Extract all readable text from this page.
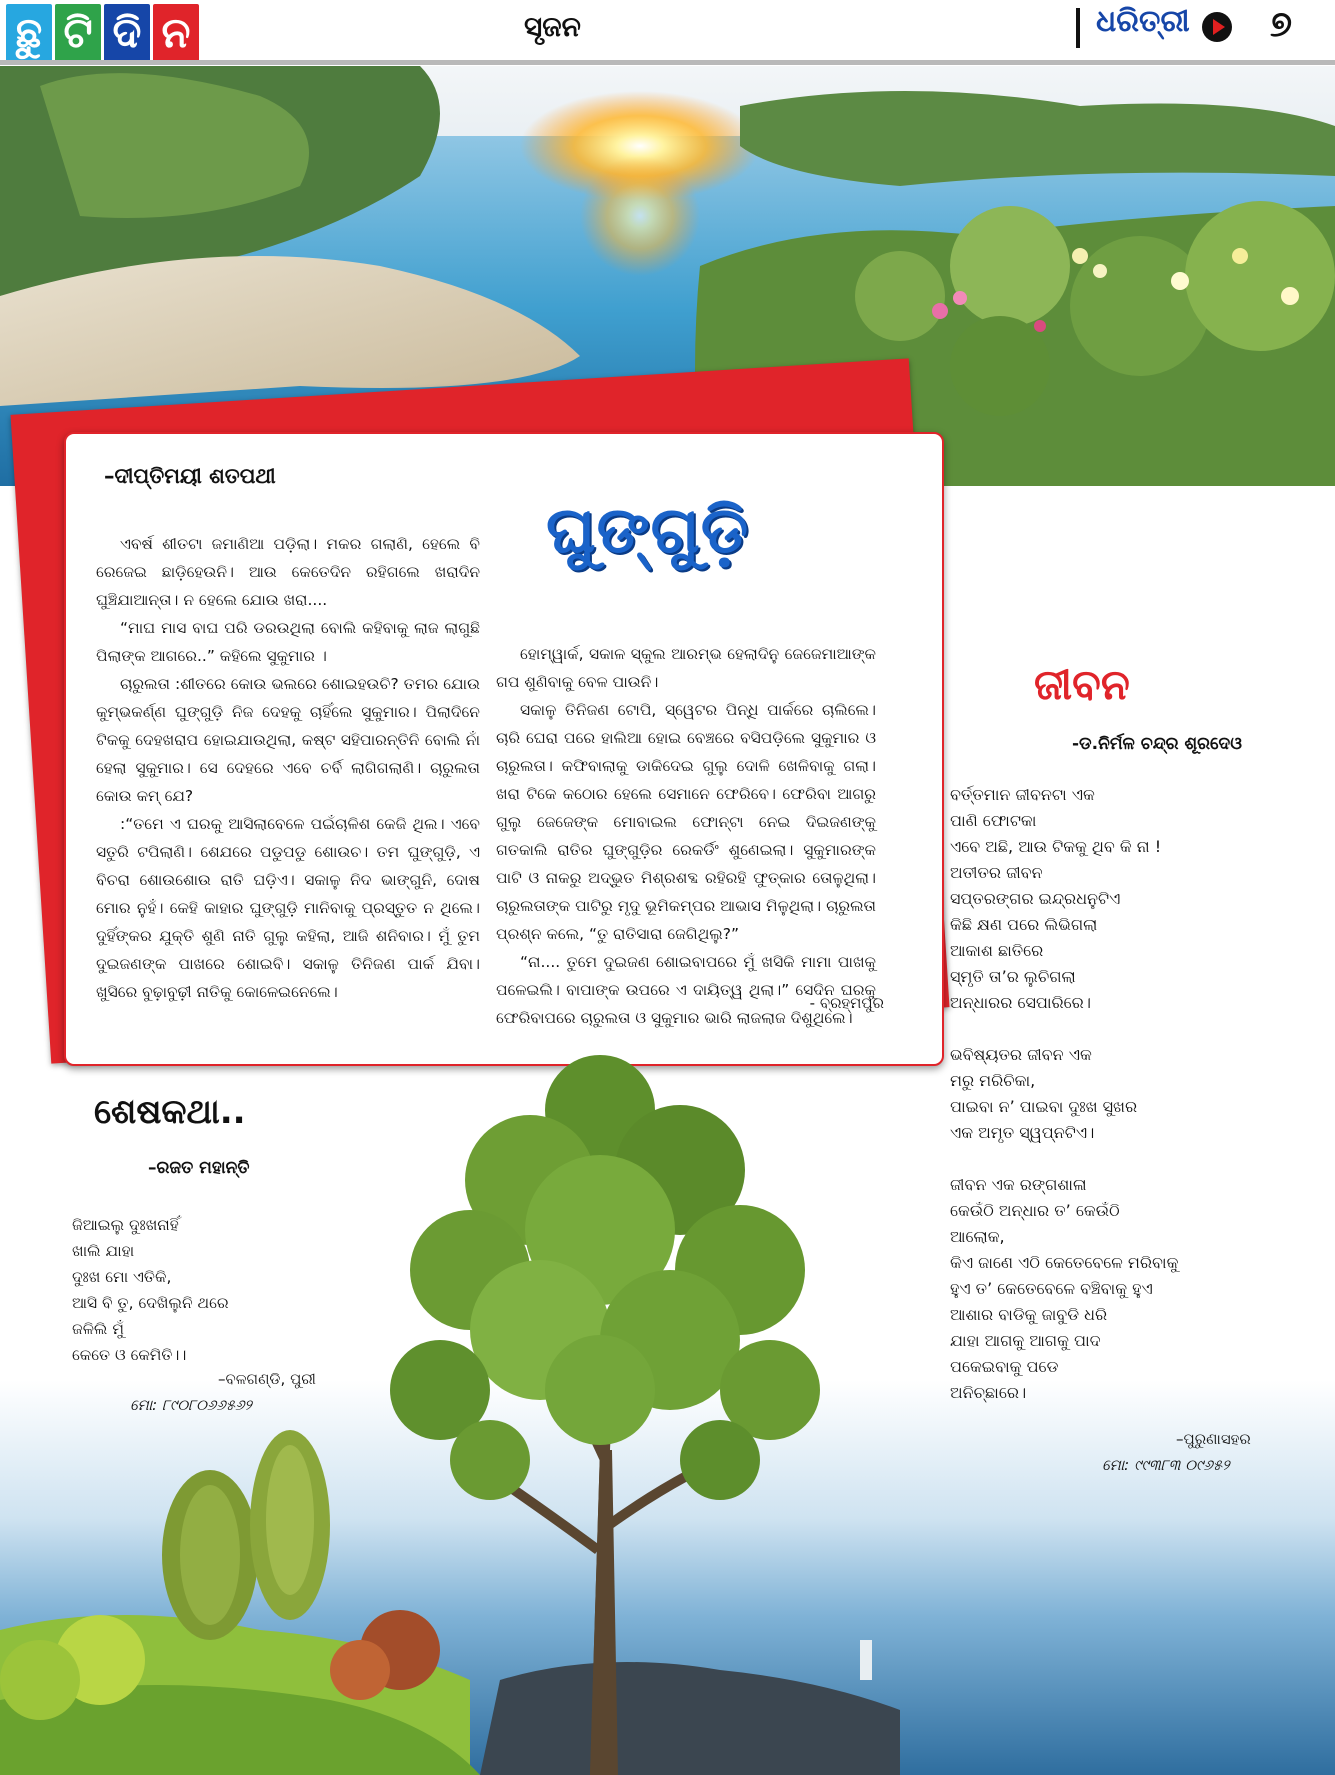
ଛୁ ଟି ଦି ନ	ସୃଜନ	ଧରିତ୍ରୀ ୭
–ଦୀପ୍ତିମୟୀ ଶତପଥୀ
ଘୁଙ୍ଗୁଡ଼ି

ଏବର୍ଷ ଶୀତଟା ଜମାଣିଆ ପଡ଼ିଲା। ମକର ଗଲାଣି, ହେଲେ ବି ରେଜେଇ ଛାଡ଼ିହେଉନି। ଆଉ କେତେଦିନ ରହିଗଲେ ଖରାଦିନ ଘୁଞ୍ଚିଯାଆନ୍ତା। ନ ହେଲେ ଯୋଉ ଖରା....

“ମାଘ ମାସ ବାଘ ପରି ଡରଉଥିଲା ବୋଲି କହିବାକୁ ଲାଜ ଲାଗୁଛି ପିଲାଙ୍କ ଆଗରେ..” କହିଲେ ସୁକୁମାର ।

ଚାରୁଲତା :ଶୀତରେ କୋଉ ଭଲରେ ଶୋଇହଉଚି? ତମର ଯୋଉ କୁମ୍ଭକର୍ଣ୍ଣ ଘୁଙ୍ଗୁଡ଼ି ନିଜ ଦେହକୁ ଚାହିଁଲେ ସୁକୁମାର। ପିଲାଦିନେ ଟିକକୁ ଦେହଖରାପ ହୋଇଯାଉଥିଲା, କଷ୍ଟ ସହିପାରନ୍ତିନି ବୋଲି ନାଁ ହେଲା ସୁକୁମାର। ସେ ଦେହରେ ଏବେ ଚର୍ବି ଲାଗିଗଲାଣି। ଚାରୁଲତା କୋଉ କମ୍ ଯେ?

:“ତମେ ଏ ଘରକୁ ଆସିଲାବେଳେ ପଇଁଚାଳିଶ କେଜି ଥିଲ। ଏବେ ସତୁରି ଟପିଲାଣି। ଶେଯରେ ପଡୁପଡୁ ଶୋଉଚ। ତମ ଘୁଙ୍ଗୁଡ଼ି, ଏ ବିଚରା ଶୋଉଶୋଉ ରାତି ଘଡ଼ିଏ। ସକାଳୁ ନିଦ ଭାଙ୍ଗୁନି, ଦୋଷ ମୋର ନୁହଁ। କେହି କାହାର ଘୁଙ୍ଗୁଡ଼ି ମାନିବାକୁ ପ୍ରସ୍ତୁତ ନ ଥିଲେ। ଦୁହିଁଙ୍କର ଯୁକ୍ତି ଶୁଣି ନାତି ଗୁଲୁ କହିଲା, ଆଜି ଶନିବାର। ମୁଁ ତୁମ ଦୁଇଜଣଙ୍କ ପାଖରେ ଶୋଇବି। ସକାଳୁ ତିନିଜଣ ପାର୍କ ଯିବା। ଖୁସିରେ ବୁଢ଼ାବୁଢ଼ୀ ନାତିକୁ କୋଳେଇନେଲେ।

ହୋମ୍‌ୱାର୍କ, ସକାଳ ସ୍କୁଲ ଆରମ୍ଭ ହେଲାଦିନୁ ଜେଜେମାଆଙ୍କ ଗପ ଶୁଣିବାକୁ ବେଳ ପାଉନି।

ସକାଳୁ ତିନିଜଣ ଟୋପି, ସ୍ୱେଟର ପିନ୍ଧି ପାର୍କରେ ଚାଲିଲେ। ଚାରି ଘେରା ପରେ ହାଲିଆ ହୋଇ ବେଞ୍ଚରେ ବସିପଡ଼ିଲେ ସୁକୁମାର ଓ ଚାରୁଲତା। କଫିବାଲାକୁ ଡାକିଦେଇ ଗୁଲୁ ଦୋଳି ଖେଳିବାକୁ ଗଲା। ଖରା ଟିକେ କଠୋର ହେଲେ ସେମାନେ ଫେରିବେ। ଫେରିବା ଆଗରୁ ଗୁଲୁ ଜେଜେଙ୍କ ମୋବାଇଲ ଫୋନ୍‌ଟା ନେଇ ଦିଇଜଣଙ୍କୁ ଗତକାଲି ରାତିର ଘୁଙ୍ଗୁଡ଼ିର ରେକର୍ଡିଂ ଶୁଣେଇଲା। ସୁକୁମାରଙ୍କ ପାଟି ଓ ନାକରୁ ଅଦ୍ଭୁତ ମିଶ୍ରଶବ୍ଦ ରହିରହି ଫୁତ୍କାର ତୋଳୁଥିଲା। ଚାରୁଲତାଙ୍କ ପାଟିରୁ ମୃଦୁ ଭୂମିକମ୍ପର ଆଭାସ ମିଳୁଥିଲା। ଚାରୁଲତା ପ୍ରଶ୍ନ କଲେ, “ତୁ ରାତିସାରା ଜେଗିଥିଲୁ?”

“ନା.... ତୁମେ ଦୁଇଜଣ ଶୋଇବାପରେ ମୁଁ ଖସିକି ମାମା ପାଖକୁ ପଳେଇଲି। ବାପାଙ୍କ ଉପରେ ଏ ଦାୟିତ୍ୱ ଥିଲା।” ସେଦିନ ଘରକୁ ଫେରିବାପରେ ଚାରୁଲତା ଓ ସୁକୁମାର ଭାରି ଲାଜଲାଜ ଦିଶୁଥିଲେ।

- ବ୍ରହ୍ମପୁର
ଜୀବନ
-ଡ.ନିର୍ମଳ ଚନ୍ଦ୍ର ଶୂରଦେଓ
ବର୍ତ୍ତମାନ ଜୀବନଟା ଏକ
ପାଣି ଫୋଟକା
ଏବେ ଅଛି, ଆଉ ଟିକକୁ ଥିବ କି ନା !
ଅତୀତର ଜୀବନ
ସପ୍ତରଙ୍ଗର ଇନ୍ଦ୍ରଧନୁଟିଏ
କିଛି କ୍ଷଣ ପରେ ଲିଭିଗଲା
ଆକାଶ ଛାତିରେ
ସ୍ମୃତି ତା’ର ଲୁଚିଗଲା
ଅନ୍ଧାରର ସେପାରିରେ।
ଭବିଷ୍ୟତର ଜୀବନ ଏକ
ମରୁ ମରିଚିକା,
ପାଇବା ନ’ ପାଇବା ଦୁଃଖ ସୁଖର
ଏକ ଅମୃତ ସ୍ୱପ୍ନଟିଏ।
ଜୀବନ ଏକ ରଙ୍ଗଶାଳା
କେଉଁଠି ଅନ୍ଧାର ତ’ କେଉଁଠି
ଆଲୋକ,
କିଏ ଜାଣେ ଏଠି କେତେବେଳେ ମରିବାକୁ
ହୁଏ ତ’ କେତେବେଳେ ବଞ୍ଚିବାକୁ ହୁଏ
ଆଶାର ବାଡିକୁ ଜାବୁଡି ଧରି
ଯାହା ଆଗକୁ ଆଗକୁ ପାଦ
ପକେଇବାକୁ ପଡେ
ଅନିଚ୍ଛାରେ।
–ପୁରୁଣାସହର
ମୋ: ୯୯୩୮୩ ୦୯୬୫୨
ଶେଷକଥା..
–ରଜତ ମହାନ୍ତି
ଜିଆଇଲୁ ଦୁଃଖନାହିଁ
ଖାଲି ଯାହା
ଦୁଃଖ ମୋ ଏତିକି,
ଆସି ବି ତୁ, ଦେଖିଲୁନି ଥରେ
ଜଳିଲି ମୁଁ
କେତେ ଓ କେମିତି।।
–ବଳଗଣ୍ଡି, ପୁରୀ
ମୋ: ୮୯୦୮୦୬୬୫୬୨
